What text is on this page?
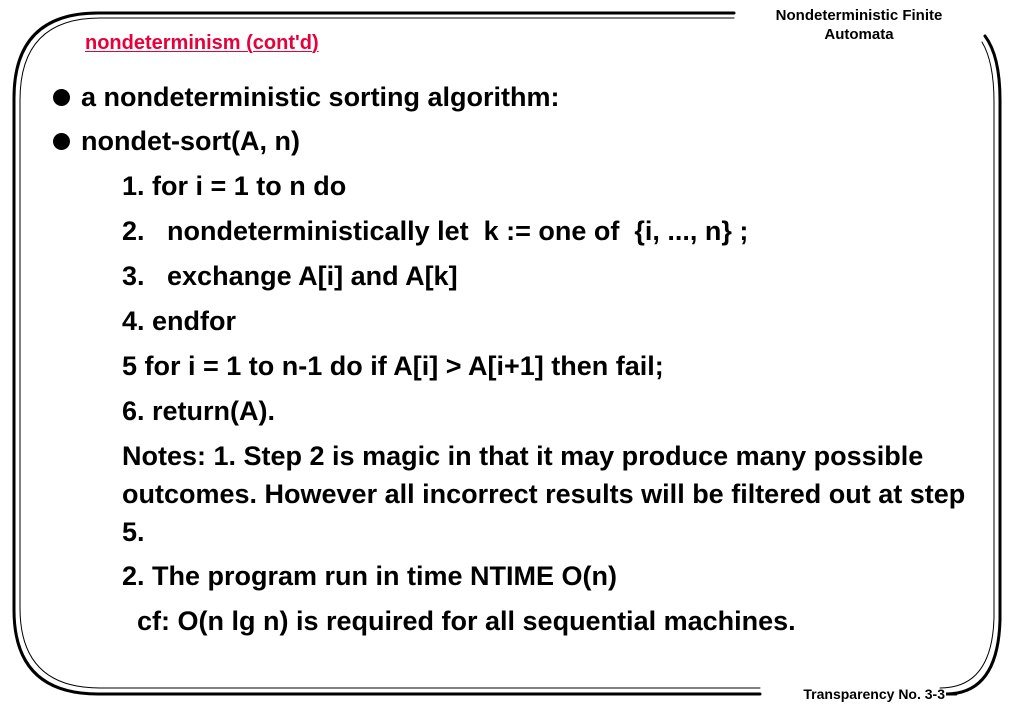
Nondeterministic Finite
Automata
nondeterminism (cont'd)
a nondeterministic sorting algorithm:
nondet-sort(A, n)
1. for i = 1 to n do
2.   nondeterministically let  k := one of  {i, ..., n} ;
3.   exchange A[i] and A[k]
4. endfor
5 for i = 1 to n-1 do if A[i] > A[i+1] then fail;
6. return(A).
Notes: 1. Step 2 is magic in that it may produce many possible outcomes. However all incorrect results will be filtered out at step 5.
2. The program run in time NTIME O(n)
cf: O(n lg n) is required for all sequential machines.
Transparency No. 3-3
